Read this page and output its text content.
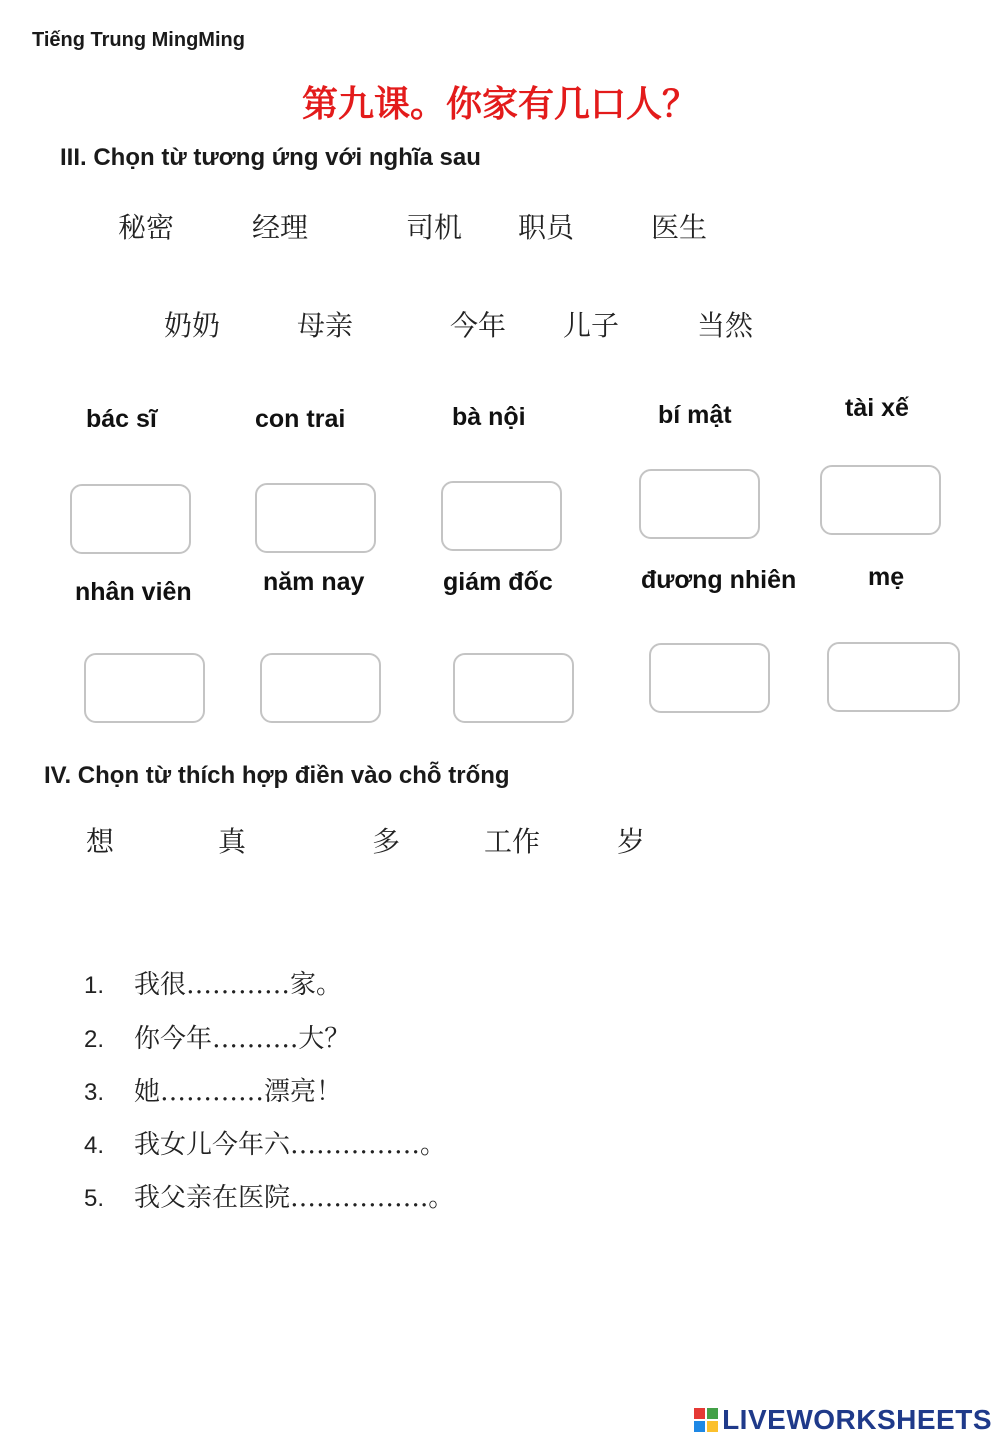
Tiếng Trung MingMing
第九课。你家有几口人？
III. Chọn từ tương ứng với nghĩa sau
秘密	经理	司机 职员	医生
奶奶	母亲	今年 儿子	当然
bác sĩ	con trai	bà nội	bí mật	tài xế
nhân viên	năm nay	giám đốc	đương nhiên	mẹ
IV. Chọn từ thích hợp điền vào chỗ trống
想	真	多	工作	岁
1. 我很…………家。
2. 你今年……….大？
3. 她…………漂亮！
4. 我女儿今年六……………。
5. 我父亲在医院…………….。
LIVEWORKSHEETS
